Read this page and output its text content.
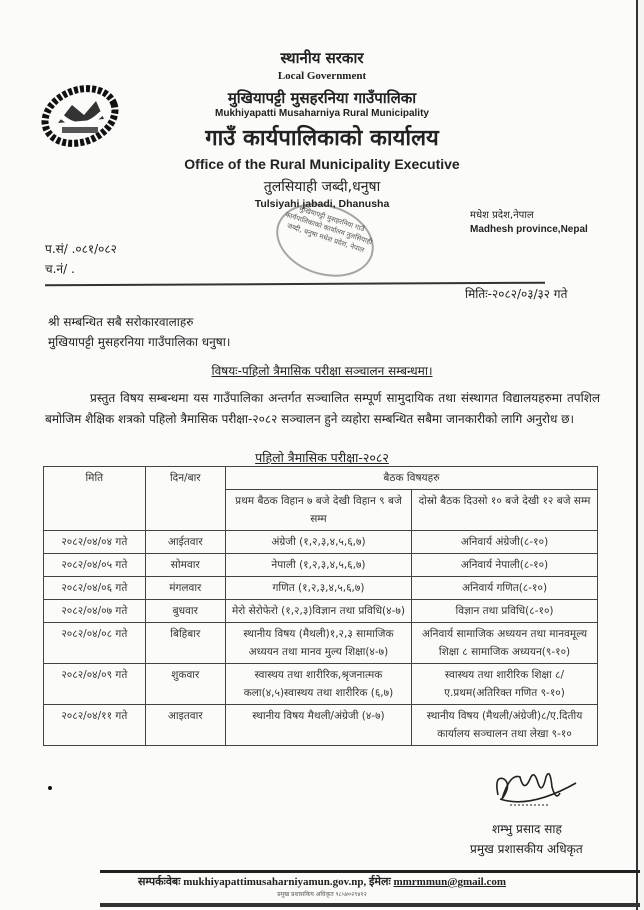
स्थानीय सरकार
Local Government
मुखियापट्टी मुसहरनिया गाउँपालिका
Mukhiyapatti Musaharniya Rural Municipality
गाउँ कार्यपालिकाको कार्यालय
Office of the Rural Municipality Executive
तुलसियाही जब्दी,धनुषा
Tulsiyahi jabadi, Dhanusha
मुखियापट्टी मुसहरनिया गाउँ कार्यपालिकाको कार्यालय तुलसियाही जब्दी, धनुषा मधेश प्रदेश, नेपाल
मधेश प्रदेश,नेपाल
Madhesh province,Nepal
प.सं/ .०८१/०८२
च.नं/ .
मितिः-२०८२/०३/३२ गते
श्री सम्बन्धित सबै सरोकारवालाहरु
मुखियापट्टी मुसहरनिया गाउँपालिका धनुषा।
विषयः-पहिलो त्रैमासिक परीक्षा सञ्चालन सम्बन्धमा।
प्रस्तुत विषय सम्बन्धमा यस गाउँपालिका अन्तर्गत सञ्चालित सम्पूर्ण सामुदायिक तथा संस्थागत विद्यालयहरुमा तपशिल बमोजिम शैक्षिक शत्रको पहिलो त्रैमासिक परीक्षा-२०८२ सञ्चालन हुने व्यहोरा सम्बन्धित सबैमा जानकारीको लागि अनुरोध छ।
पहिलो त्रैमासिक परीक्षा-२०८२
मिति	दिन/बार	बैठक विषयहरु	
		प्रथम बैठक विहान ७ बजे देखी विहान ९ बजे सम्म	दोस्रो बैठक दिउसो १० बजे देखी १२ बजे सम्म
२०८२/०४/०४ गते	आईतवार	अंग्रेजी (१,२,३,४,५,६,७)	अनिवार्य अंग्रेजी(८-१०)
२०८२/०४/०५ गते	सोमवार	नेपाली (१,२,३,४,५,६,७)	अनिवार्य नेपाली(८-१०)
२०८२/०४/०६ गते	मंगलवार	गणित (१,२,३,४,५,६,७)	अनिवार्य गणित(८-१०)
२०८२/०४/०७ गते	बुधवार	मेरो सेरोफेरो (१,२,३)विज्ञान तथा प्रविधि(४-७)	विज्ञान तथा प्रविधि(८-१०)
२०८२/०४/०८ गते	बिहिबार	स्थानीय विषय (मैथली)१,२,३ सामाजिक अध्ययन तथा मानव मुल्य शिक्षा(४-७)	अनिवार्य सामाजिक अध्ययन तथा मानवमूल्य शिक्षा ८ सामाजिक अध्ययन(९-१०)
२०८२/०४/०९ गते	शुकवार	स्वास्थय तथा शारीरिक,श्रृजनात्मक कला(४,५)स्वास्थय तथा शारीरिक (६,७)	स्वास्थय तथा शारीरिक शिक्षा ८/ए.प्रथम(अतिरिक्त गणित ९-१०)
२०८२/०४/११ गते	आइतवार	स्थानीय विषय मैथली/अंग्रेजी (४-७)	स्थानीय विषय (मैथली/अंग्रेजी)८/ए.दितीय कार्यालय सञ्चालन तथा लेखा ९-१०
शम्भु प्रसाद साह
प्रमुख प्रशासकीय अधिकृत
सम्पर्कःवेबः mukhiyapattimusaharniyamun.gov.np, ईमेलः mmrmmun@gmail.com
प्रमुख प्रशासकिय अधिकृत ९८५४०२९४१२
